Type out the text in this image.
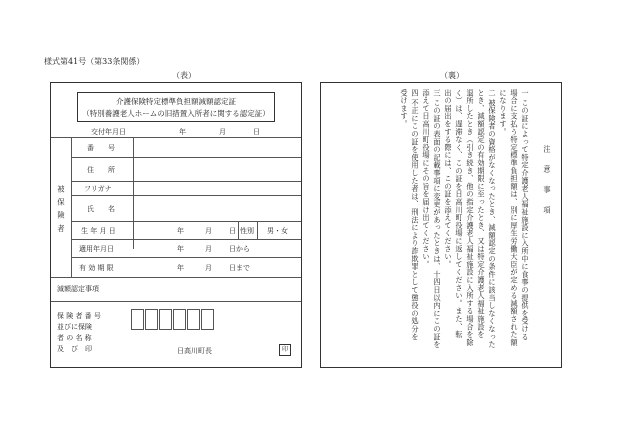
様式第41号（第33条関係）
（表）	（裏）
介護保険特定標準負担額減額認定証
（特別養護老人ホームの旧措置入所者に関する認定証）
交付年月日	年	月	日
被保険者
番　　号
住　　所
フリガナ
氏　　名
生 年 月 日	年	月 日 性別 男・女
適用年月日	年	月 日から
有 効 期 限	年	月 日まで
減額認定事項
保 険 者 番 号
並びに保険
者 の 名 称
及　び　印	日高川町長	印
注　意　事　項
一
この証によって特定介護老人福祉施設に入所中に食事の提供を受ける
場合に支払う特定標準負担額は、別に厚生労働大臣が定める減額された額
になります。
二
被保険者の資格がなくなったとき、減額認定の条件に該当しなくなった
とき、減額認定の有効期限に至ったとき、又は特定介護老人福祉施設を
退所したとき（引き続き、他の指定介護老人福祉施設に入所する場合を除
く）は、遅滞なく、この証を日高川町役場に返してください。また、転
出の届出をする際には、この証を添えてください。
三
この証の表面の記載事項に変更があったときは、十四日以内にこの証を
添えて日高川町役場にその旨を届け出てください。
四
不正にこの証を使用した者は、刑法により詐欺罪として懲役の処分を
受けます。
